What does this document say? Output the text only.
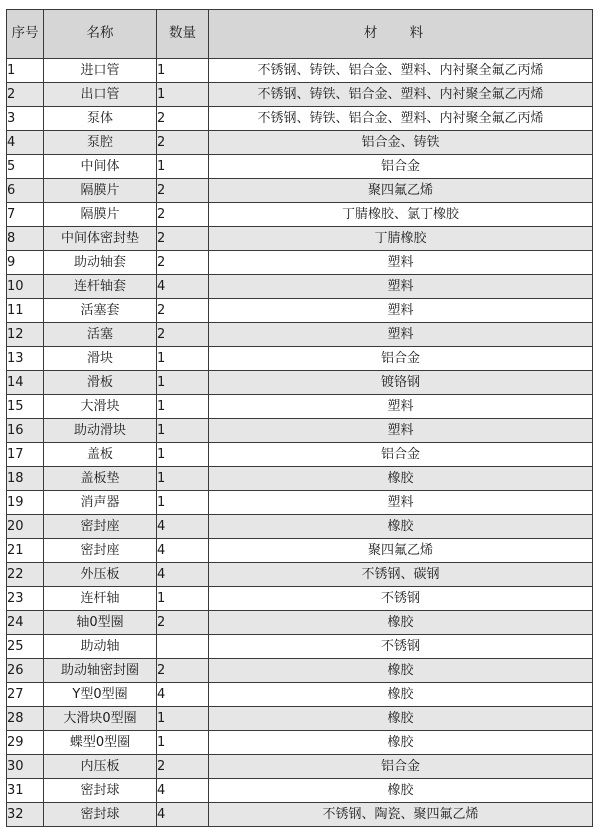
序号	名称	数量	材 料
1	进口管	1	不锈钢、铸铁、铝合金、塑料、内衬聚全氟乙丙烯
2	出口管	1	不锈钢、铸铁、铝合金、塑料、内衬聚全氟乙丙烯
3	泵体	2	不锈钢、铸铁、铝合金、塑料、内衬聚全氟乙丙烯
4	泵腔	2	铝合金、铸铁
5	中间体	1	铝合金
6	隔膜片	2	聚四氟乙烯
7	隔膜片	2	丁腈橡胶、氯丁橡胶
8	中间体密封垫	2	丁腈橡胶
9	助动轴套	2	塑料
10	连杆轴套	4	塑料
11	活塞套	2	塑料
12	活塞	2	塑料
13	滑块	1	铝合金
14	滑板	1	镀铬钢
15	大滑块	1	塑料
16	助动滑块	1	塑料
17	盖板	1	铝合金
18	盖板垫	1	橡胶
19	消声器	1	塑料
20	密封座	4	橡胶
21	密封座	4	聚四氟乙烯
22	外压板	4	不锈钢、碳钢
23	连杆轴	1	不锈钢
24	轴0型圈	2	橡胶
25	助动轴		不锈钢
26	助动轴密封圈	2	橡胶
27	Y型0型圈	4	橡胶
28	大滑块0型圈	1	橡胶
29	蝶型0型圈	1	橡胶
30	内压板	2	铝合金
31	密封球	4	橡胶
32	密封球	4	不锈钢、陶瓷、聚四氟乙烯
